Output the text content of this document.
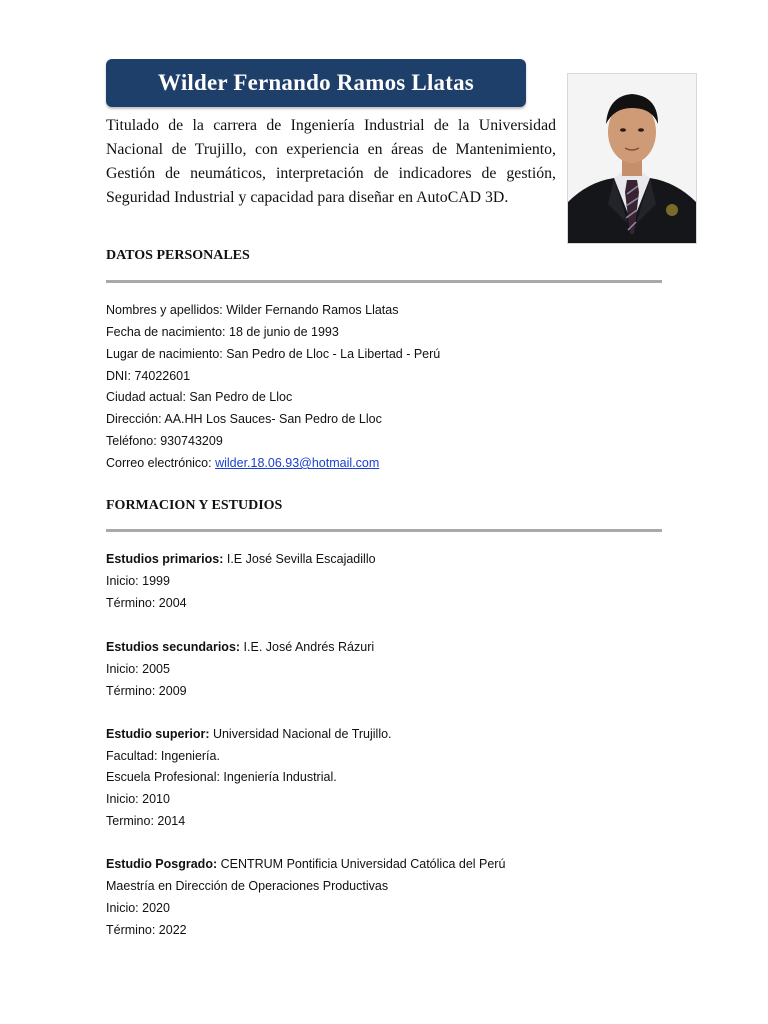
Wilder Fernando Ramos Llatas
Titulado de la carrera de Ingeniería Industrial de la Universidad Nacional de Trujillo, con experiencia en áreas de Mantenimiento, Gestión de neumáticos, interpretación de indicadores de gestión, Seguridad Industrial y capacidad para diseñar en AutoCAD 3D.
DATOS PERSONALES
Nombres y apellidos: Wilder Fernando Ramos Llatas
Fecha de nacimiento: 18 de junio de 1993
Lugar de nacimiento: San Pedro de Lloc - La Libertad - Perú
DNI: 74022601
Ciudad actual: San Pedro de Lloc
Dirección: AA.HH Los Sauces- San Pedro de Lloc
Teléfono: 930743209
Correo electrónico: wilder.18.06.93@hotmail.com
FORMACION Y ESTUDIOS
Estudios primarios: I.E José Sevilla Escajadillo
Inicio: 1999
Término: 2004
Estudios secundarios: I.E. José Andrés Rázuri
Inicio: 2005
Término: 2009
Estudio superior: Universidad Nacional de Trujillo.
Facultad: Ingeniería.
Escuela Profesional: Ingeniería Industrial.
Inicio: 2010
Termino: 2014
Estudio Posgrado: CENTRUM Pontificia Universidad Católica del Perú
Maestría en Dirección de Operaciones Productivas
Inicio: 2020
Término: 2022
